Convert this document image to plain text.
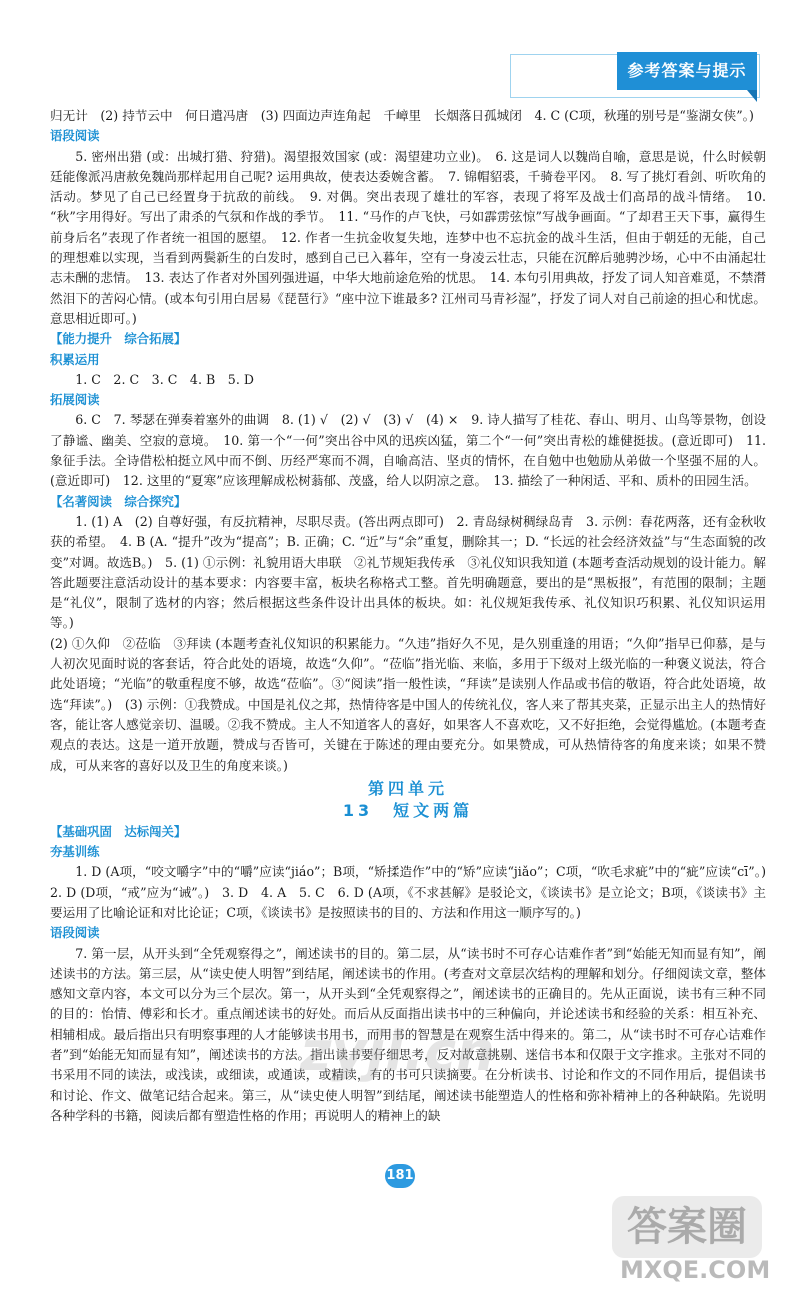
参考答案与提示

归无计　(2) 持节云中　何日遣冯唐　(3) 四面边声连角起　千嶂里　长烟落日孤城闭　4. C (C项，秋瑾的别号是“鉴湖女侠”。)

语段阅读

5. 密州出猎 (或：出城打猎、狩猎)。渴望报效国家 (或：渴望建功立业)。　6. 这是词人以魏尚自喻，意思是说，什么时候朝廷能像派冯唐赦免魏尚那样起用自己呢? 运用典故，使表达委婉含蓄。　7. 锦帽貂裘，千骑卷平冈。　8. 写了挑灯看剑、听吹角的活动。梦见了自己已经置身于抗敌的前线。　9. 对偶。突出表现了雄壮的军容，表现了将军及战士们高昂的战斗情绪。　10. “秋”字用得好。写出了肃杀的气氛和作战的季节。　11. “马作的卢飞快，弓如霹雳弦惊”写战争画面。“了却君王天下事，赢得生前身后名”表现了作者统一祖国的愿望。　12. 作者一生抗金收复失地，连梦中也不忘抗金的战斗生活，但由于朝廷的无能，自己的理想难以实现，当看到两鬓新生的白发时，感到自己已入暮年，空有一身凌云壮志，只能在沉醉后驰骋沙场，心中不由涌起壮志未酬的悲情。　13. 表达了作者对外国列强进逼，中华大地前途危殆的忧思。　14. 本句引用典故，抒发了词人知音难觅，不禁潸然泪下的苦闷心情。(或本句引用白居易《琵琶行》“座中泣下谁最多? 江州司马青衫湿”，抒发了词人对自己前途的担心和忧虑。意思相近即可。)

【能力提升　综合拓展】

积累运用

1. C　2. C　3. C　4. B　5. D

拓展阅读

6. C　7. 琴瑟在弹奏着塞外的曲调　8. (1) √　(2) √　(3) √　(4) ×　9. 诗人描写了桂花、春山、明月、山鸟等景物，创设了静谧、幽美、空寂的意境。　10. 第一个“一何”突出谷中风的迅疾凶猛，第二个“一何”突出青松的雄健挺拔。(意近即可)　11. 象征手法。全诗借松柏挺立风中而不倒、历经严寒而不凋，自喻高洁、坚贞的情怀，在自勉中也勉励从弟做一个坚强不屈的人。(意近即可)　12. 这里的“夏寒”应该理解成松树蓊郁、茂盛，给人以阴凉之意。　13. 描绘了一种闲适、平和、质朴的田园生活。

【名著阅读　综合探究】

1. (1) A　(2) 自尊好强，有反抗精神，尽职尽责。(答出两点即可)　2. 青岛绿树稠绿岛青　3. 示例：春花两落，还有金秋收获的希望。　4. B (A. “提升”改为“提高”；B. 正确；C. “近”与“余”重复，删除其一；D. “长远的社会经济效益”与“生态面貌的改变”对调。故选B。)　5. (1) ①示例：礼貌用语大串联　②礼节规矩我传承　③礼仪知识我知道 (本题考查活动规划的设计能力。解答此题要注意活动设计的基本要求：内容要丰富，板块名称格式工整。首先明确题意，要出的是“黑板报”，有范围的限制；主题是“礼仪”，限制了选材的内容；然后根据这些条件设计出具体的板块。如：礼仪规矩我传承、礼仪知识巧积累、礼仪知识运用等。)

(2) ①久仰　②莅临　③拜读 (本题考查礼仪知识的积累能力。“久违”指好久不见，是久别重逢的用语；“久仰”指早已仰慕，是与人初次见面时说的客套话，符合此处的语境，故选“久仰”。“莅临”指光临、来临，多用于下级对上级光临的一种褒义说法，符合此处语境；“光临”的敬重程度不够，故选“莅临”。③“阅读”指一般性读，“拜读”是读别人作品或书信的敬语，符合此处语境，故选“拜读”。)　(3) 示例：①我赞成。中国是礼仪之邦，热情待客是中国人的传统礼仪，客人来了帮其夹菜，正显示出主人的热情好客，能让客人感觉亲切、温暖。②我不赞成。主人不知道客人的喜好，如果客人不喜欢吃，又不好拒绝，会觉得尴尬。(本题考查观点的表达。这是一道开放题，赞成与否皆可，关键在于陈述的理由要充分。如果赞成，可从热情待客的角度来谈；如果不赞成，可从来客的喜好以及卫生的角度来谈。)

第四单元

13　短文两篇

【基础巩固　达标闯关】

夯基训练

1. D (A项，“咬文嚼字”中的“嚼”应读“jiáo”；B项，“矫揉造作”中的“矫”应读“jiǎo”；C项，“吹毛求疵”中的“疵”应读“cī”。)　2. D (D项，“戒”应为“诫”。)　3. D　4. A　5. C　6. D (A项，《不求甚解》是驳论文，《谈读书》是立论文；B项，《谈读书》主要运用了比喻论证和对比论证；C项，《谈读书》是按照读书的目的、方法和作用这一顺序写的。)

语段阅读

7. 第一层，从开头到“全凭观察得之”，阐述读书的目的。第二层，从“读书时不可存心诘难作者”到“始能无知而显有知”，阐述读书的方法。第三层，从“读史使人明智”到结尾，阐述读书的作用。(考查对文章层次结构的理解和划分。仔细阅读文章，整体感知文章内容，本文可以分为三个层次。第一，从开头到“全凭观察得之”，阐述读书的正确目的。先从正面说，读书有三种不同的目的：怡情、傅彩和长才。重点阐述读书的好处。而后从反面指出读书中的三种偏向，并论述读书和经验的关系：相互补充、相辅相成。最后指出只有明察事理的人才能够读书用书，而用书的智慧是在观察生活中得来的。第二，从“读书时不可存心诘难作者”到“始能无知而显有知”，阐述读书的方法。指出读书要仔细思考，反对故意挑剔、迷信书本和仅限于文字推求。主张对不同的书采用不同的读法，或浅读，或细读，或通读，或精读，有的书可只读摘要。在分析读书、讨论和作文的不同作用后，提倡读书和讨论、作文、做笔记结合起来。第三，从“读史使人明智”到结尾，阐述读书能塑造人的性格和弥补精神上的各种缺陷。先说明各种学科的书籍，阅读后都有塑造性格的作用；再说明人的精神上的缺

zyjl.cn
181
答案圈
MXQE.COM
